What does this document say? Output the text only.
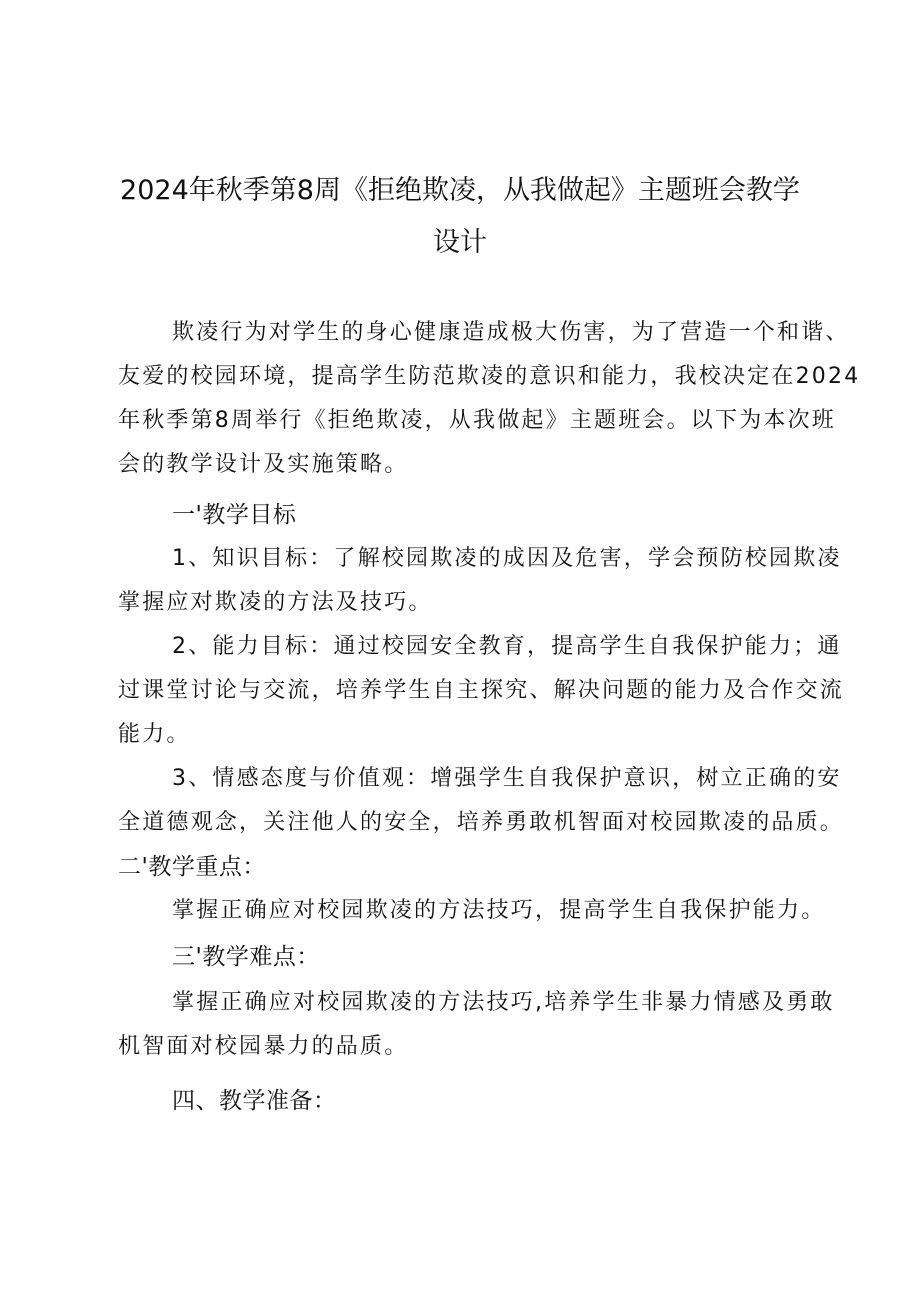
2024年秋季第8周《拒绝欺凌，从我做起》主题班会教学
设计
欺凌行为对学生的身心健康造成极大伤害，为了营造一个和谐、
友爱的校园环境，提高学生防范欺凌的意识和能力，我校决定在2024
年秋季第8周举行《拒绝欺凌，从我做起》主题班会。以下为本次班
会的教学设计及实施策略。
一'教学目标
1、知识目标：了解校园欺凌的成因及危害，学会预防校园欺凌
掌握应对欺凌的方法及技巧。
2、能力目标：通过校园安全教育，提高学生自我保护能力；通
过课堂讨论与交流，培养学生自主探究、解决问题的能力及合作交流
能力。
3、情感态度与价值观：增强学生自我保护意识，树立正确的安
全道德观念，关注他人的安全，培养勇敢机智面对校园欺凌的品质。
二'教学重点：
掌握正确应对校园欺凌的方法技巧，提高学生自我保护能力。
三'教学难点：
掌握正确应对校园欺凌的方法技巧,培养学生非暴力情感及勇敢
机智面对校园暴力的品质。
四、教学准备：
